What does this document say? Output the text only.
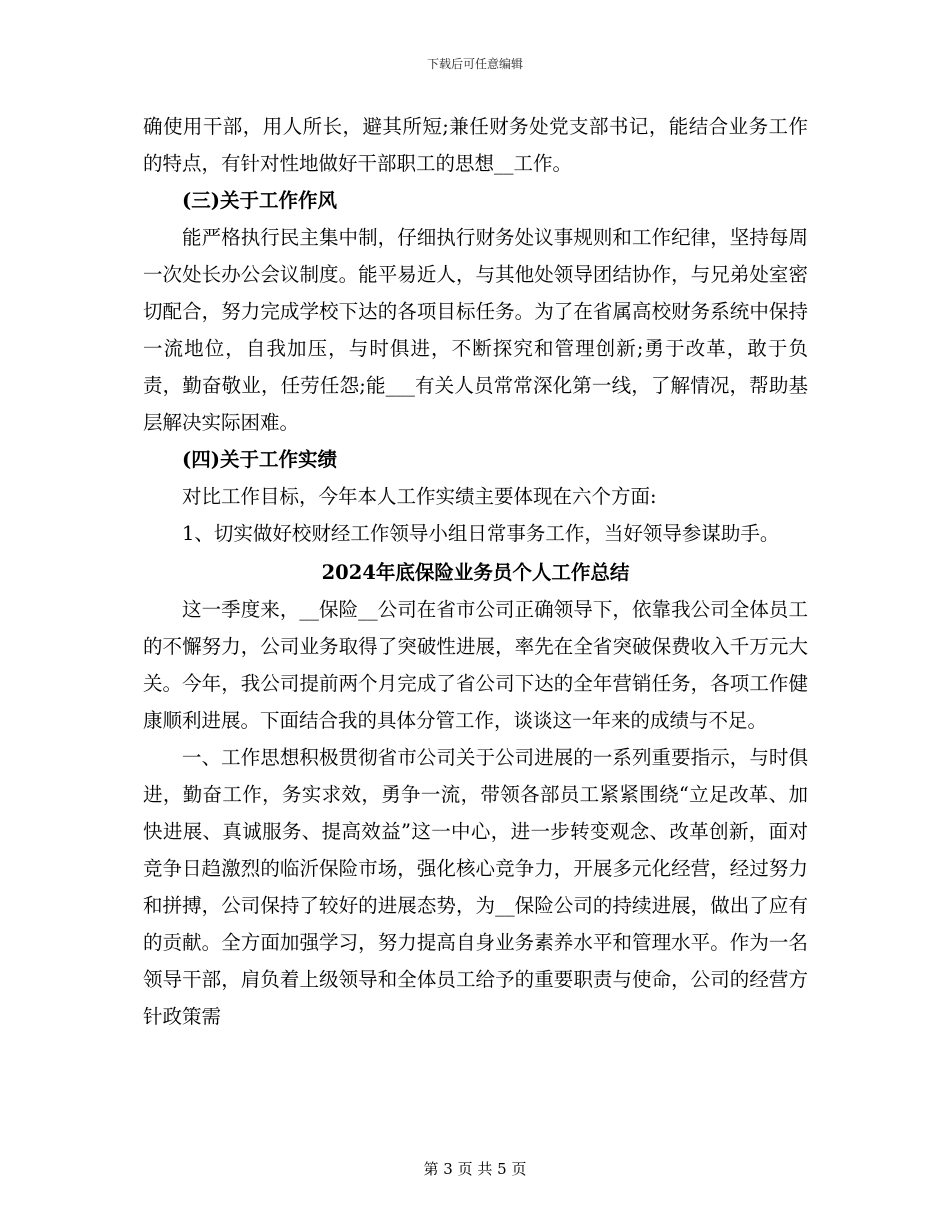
下载后可任意编辑

确使用干部，用人所长，避其所短;兼任财务处党支部书记，能结合业务工作的特点，有针对性地做好干部职工的思想__工作。

(三)关于工作作风

能严格执行民主集中制，仔细执行财务处议事规则和工作纪律，坚持每周一次处长办公会议制度。能平易近人，与其他处领导团结协作，与兄弟处室密切配合，努力完成学校下达的各项目标任务。为了在省属高校财务系统中保持一流地位，自我加压，与时俱进，不断探究和管理创新;勇于改革，敢于负责，勤奋敬业，任劳任怨;能___有关人员常常深化第一线，了解情况，帮助基层解决实际困难。

(四)关于工作实绩

对比工作目标，今年本人工作实绩主要体现在六个方面:

1、切实做好校财经工作领导小组日常事务工作，当好领导参谋助手。

2024年底保险业务员个人工作总结

这一季度来，__保险__公司在省市公司正确领导下，依靠我公司全体员工的不懈努力，公司业务取得了突破性进展，率先在全省突破保费收入千万元大关。今年，我公司提前两个月完成了省公司下达的全年营销任务，各项工作健康顺利进展。下面结合我的具体分管工作，谈谈这一年来的成绩与不足。

一、工作思想积极贯彻省市公司关于公司进展的一系列重要指示，与时俱进，勤奋工作，务实求效，勇争一流，带领各部员工紧紧围绕“立足改革、加快进展、真诚服务、提高效益”这一中心，进一步转变观念、改革创新，面对竞争日趋激烈的临沂保险市场，强化核心竞争力，开展多元化经营，经过努力和拼搏，公司保持了较好的进展态势，为__保险公司的持续进展，做出了应有的贡献。全方面加强学习，努力提高自身业务素养水平和管理水平。作为一名领导干部，肩负着上级领导和全体员工给予的重要职责与使命，公司的经营方针政策需

第 3 页 共 5 页
